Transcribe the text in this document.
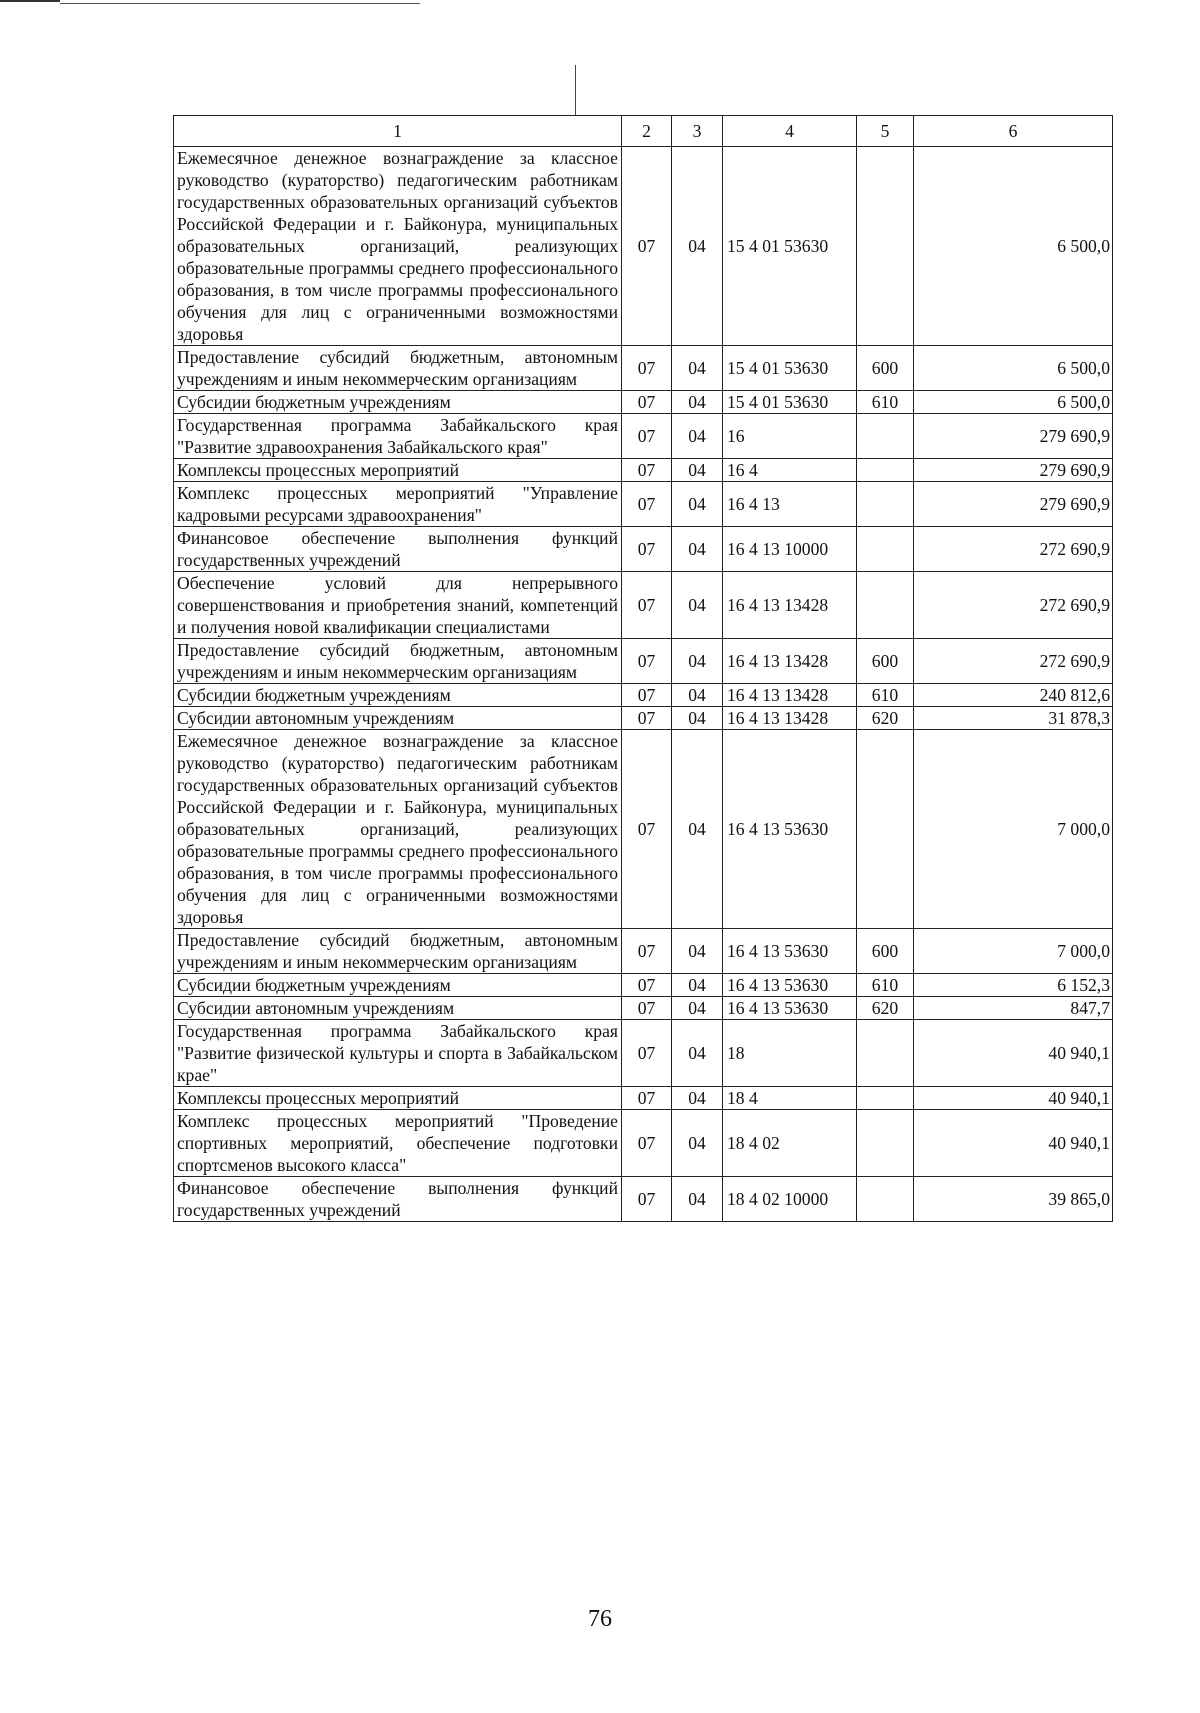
1	2	3	4	5	6
Ежемесячное денежное вознаграждение за классное руководство (кураторство) педагогическим работникам государственных образовательных организаций субъектов Российской Федерации и г. Байконура, муниципальных образовательных организаций, реализующих образовательные программы среднего профессионального образования, в том числе программы профессионального обучения для лиц с ограниченными возможностями здоровья	07	04	15 4 01 53630		6 500,0
Предоставление субсидий бюджетным, автономным учреждениям и иным некоммерческим организациям	07	04	15 4 01 53630	600	6 500,0
Субсидии бюджетным учреждениям	07	04	15 4 01 53630	610	6 500,0
Государственная программа Забайкальского края "Развитие здравоохранения Забайкальского края"	07	04	16		279 690,9
Комплексы процессных мероприятий	07	04	16 4		279 690,9
Комплекс процессных мероприятий "Управление кадровыми ресурсами здравоохранения"	07	04	16 4 13		279 690,9
Финансовое обеспечение выполнения функций государственных учреждений	07	04	16 4 13 10000		272 690,9
Обеспечение условий для непрерывного совершенствования и приобретения знаний, компетенций и получения новой квалификации специалистами	07	04	16 4 13 13428		272 690,9
Предоставление субсидий бюджетным, автономным учреждениям и иным некоммерческим организациям	07	04	16 4 13 13428	600	272 690,9
Субсидии бюджетным учреждениям	07	04	16 4 13 13428	610	240 812,6
Субсидии автономным учреждениям	07	04	16 4 13 13428	620	31 878,3
Ежемесячное денежное вознаграждение за классное руководство (кураторство) педагогическим работникам государственных образовательных организаций субъектов Российской Федерации и г. Байконура, муниципальных образовательных организаций, реализующих образовательные программы среднего профессионального образования, в том числе программы профессионального обучения для лиц с ограниченными возможностями здоровья	07	04	16 4 13 53630		7 000,0
Предоставление субсидий бюджетным, автономным учреждениям и иным некоммерческим организациям	07	04	16 4 13 53630	600	7 000,0
Субсидии бюджетным учреждениям	07	04	16 4 13 53630	610	6 152,3
Субсидии автономным учреждениям	07	04	16 4 13 53630	620	847,7
Государственная программа Забайкальского края "Развитие физической культуры и спорта в Забайкальском крае"	07	04	18		40 940,1
Комплексы процессных мероприятий	07	04	18 4		40 940,1
Комплекс процессных мероприятий "Проведение спортивных мероприятий, обеспечение подготовки спортсменов высокого класса"	07	04	18 4 02		40 940,1
Финансовое обеспечение выполнения функций государственных учреждений	07	04	18 4 02 10000		39 865,0
76
